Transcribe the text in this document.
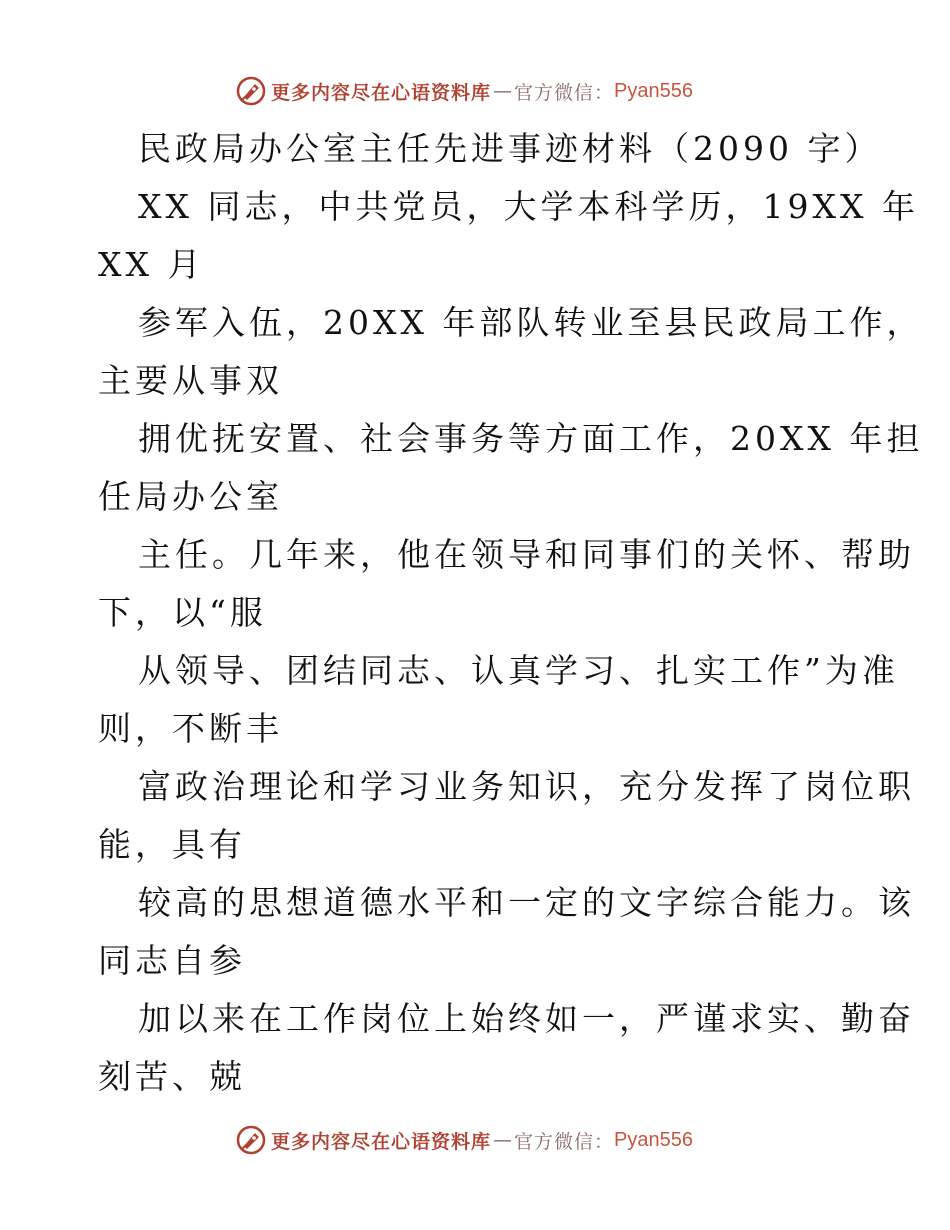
更多内容尽在心语资料库 — 官方微信： Pyan556
民政局办公室主任先进事迹材料（2090 字）
XX 同志，中共党员，大学本科学历，19XX 年
XX 月
参军入伍，20XX 年部队转业至县民政局工作，
主要从事双
拥优抚安置、社会事务等方面工作，20XX 年担
任局办公室
主任。几年来，他在领导和同事们的关怀、帮助
下，以“服
从领导、团结同志、认真学习、扎实工作”为准
则，不断丰
富政治理论和学习业务知识，充分发挥了岗位职
能，具有
较高的思想道德水平和一定的文字综合能力。该
同志自参
加以来在工作岗位上始终如一，严谨求实、勤奋
刻苦、兢
更多内容尽在心语资料库 — 官方微信： Pyan556
